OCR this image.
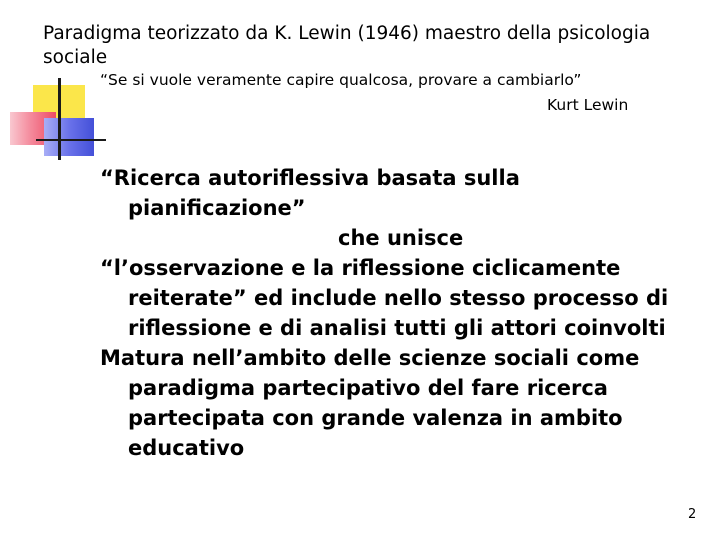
Paradigma teorizzato da K. Lewin (1946) maestro della psicologia sociale

“Se si vuole veramente capire qualcosa, provare a cambiarlo”

Kurt Lewin

“Ricerca autoriflessiva basata sulla pianificazione”

che unisce

“l’osservazione e la riflessione ciclicamente reiterate” ed include nello stesso processo di riflessione e di analisi tutti gli attori coinvolti

Matura nell’ambito delle scienze sociali come paradigma partecipativo del fare ricerca partecipata con grande valenza in ambito educativo

2
